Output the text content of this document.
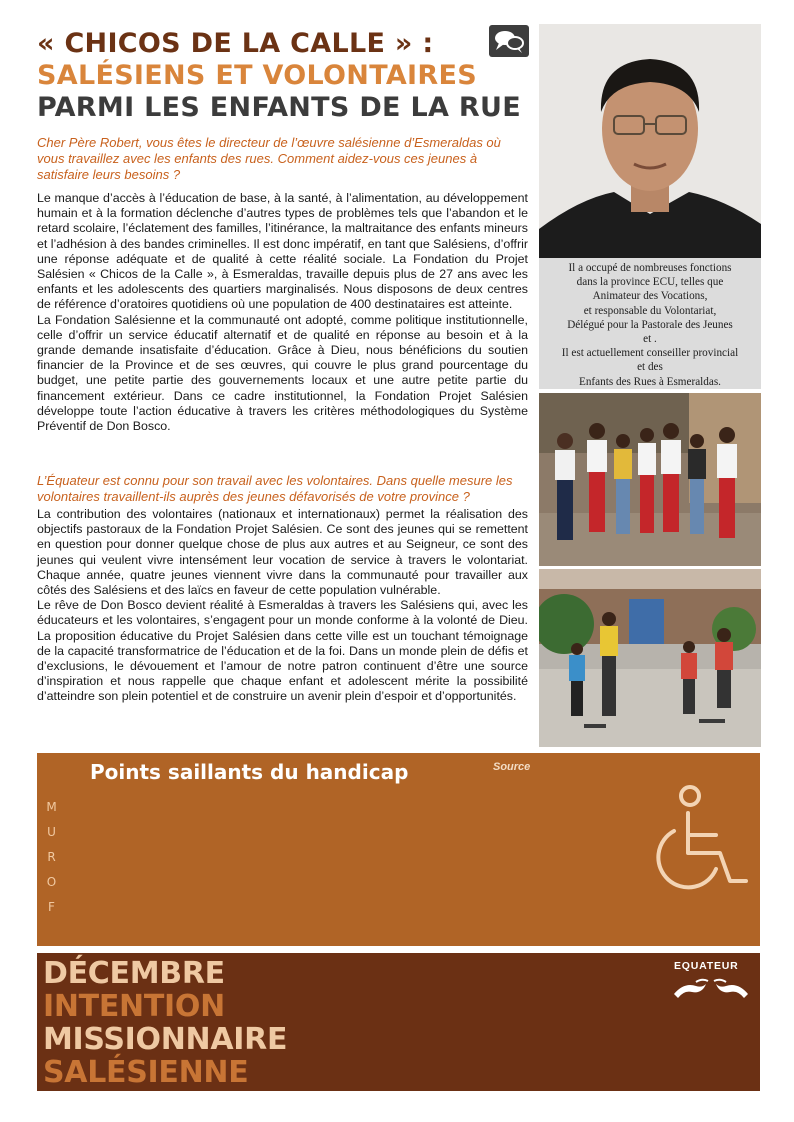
« CHICOS DE LA CALLE » :
SALÉSIENS ET VOLONTAIRES
PARMI LES ENFANTS DE LA RUE
Cher Père Robert, vous êtes le directeur de l’œuvre salésienne d’Esmeraldas où vous travaillez avec les enfants des rues. Comment aidez-vous ces jeunes à satisfaire leurs besoins ?

Le manque d’accès à l’éducation de base, à la santé, à l’alimentation, au développement humain et à la formation déclenche d’autres types de problèmes tels que l’abandon et le retard scolaire, l’éclatement des familles, l’itinérance, la maltraitance des enfants mineurs et l’adhésion à des bandes criminelles. Il est donc impératif, en tant que Salésiens, d’offrir une réponse adéquate et de qualité à cette réalité sociale. La Fondation du Projet Salésien « Chicos de la Calle », à Esmeraldas, travaille depuis plus de 27 ans avec les enfants et les adolescents des quartiers marginalisés. Nous disposons de deux centres de référence d’oratoires quotidiens où une population de 400 destinataires est atteinte.

La Fondation Salésienne et la communauté ont adopté, comme politique institutionnelle, celle d’offrir un service éducatif alternatif et de qualité en réponse au besoin et à la grande demande insatisfaite d’éducation. Grâce à Dieu, nous bénéficions du soutien financier de la Province et de ses œuvres, qui couvre le plus grand pourcentage du budget, une petite partie des gouvernements locaux et une autre petite partie du financement extérieur. Dans ce cadre institutionnel, la Fondation Projet Salésien développe toute l’action éducative à travers les critères méthodologiques du Système Préventif de Don Bosco.

L’Équateur est connu pour son travail avec les volontaires. Dans quelle mesure les volontaires travaillent-ils auprès des jeunes défavorisés de votre province ?

La contribution des volontaires (nationaux et internationaux) permet la réalisation des objectifs pastoraux de la Fondation Projet Salésien. Ce sont des jeunes qui se remettent en question pour donner quelque chose de plus aux autres et au Seigneur, ce sont des jeunes qui veulent vivre intensément leur vocation de service à travers le volontariat. Chaque année, quatre jeunes viennent vivre dans la communauté pour travailler aux côtés des Salésiens et des laïcs en faveur de cette population vulnérable.

Le rêve de Don Bosco devient réalité à Esmeraldas à travers les Salésiens qui, avec les éducateurs et les volontaires, s’engagent pour un monde conforme à la volonté de Dieu. La proposition éducative du Projet Salésien dans cette ville est un touchant témoignage de la capacité transformatrice de l’éducation et de la foi. Dans un monde plein de défis et d’exclusions, le dévouement et l’amour de notre patron continuent d’être une source d’inspiration et nous rappelle que chaque enfant et adolescent mérite la possibilité d’atteindre son plein potentiel et de construire un avenir plein d’espoir et d’opportunités.

Il a occupé de nombreuses fonctions
dans la province ECU, telles que
Animateur des Vocations,
et responsable du Volontariat,
Délégué pour la Pastorale des Jeunes
et .
Il est actuellement conseiller provincial
et des
Enfants des Rues à Esmeraldas.
Points saillants du handicap	Source
M
U
R
O
F
DÉCEMBRE
INTENTION
MISSIONNAIRE
SALÉSIENNE
EQUATEUR
